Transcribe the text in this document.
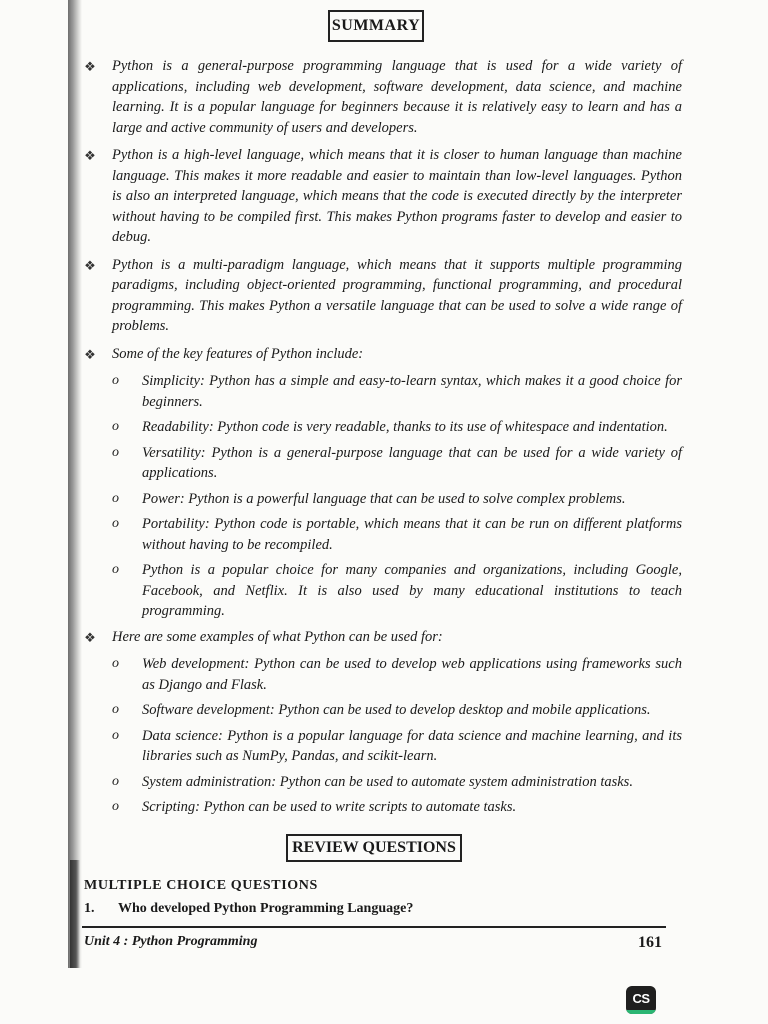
SUMMARY
❖ Python is a general-purpose programming language that is used for a wide variety of applications, including web development, software development, data science, and machine learning. It is a popular language for beginners because it is relatively easy to learn and has a large and active community of users and developers.
❖ Python is a high-level language, which means that it is closer to human language than machine language. This makes it more readable and easier to maintain than low-level languages. Python is also an interpreted language, which means that the code is executed directly by the interpreter without having to be compiled first. This makes Python programs faster to develop and easier to debug.
❖ Python is a multi-paradigm language, which means that it supports multiple programming paradigms, including object-oriented programming, functional programming, and procedural programming. This makes Python a versatile language that can be used to solve a wide range of problems.
❖ Some of the key features of Python include:
o Simplicity: Python has a simple and easy-to-learn syntax, which makes it a good choice for beginners.
o Readability: Python code is very readable, thanks to its use of whitespace and indentation.
o Versatility: Python is a general-purpose language that can be used for a wide variety of applications.
o Power: Python is a powerful language that can be used to solve complex problems.
o Portability: Python code is portable, which means that it can be run on different platforms without having to be recompiled.
o Python is a popular choice for many companies and organizations, including Google, Facebook, and Netflix. It is also used by many educational institutions to teach programming.
❖ Here are some examples of what Python can be used for:
o Web development: Python can be used to develop web applications using frameworks such as Django and Flask.
o Software development: Python can be used to develop desktop and mobile applications.
o Data science: Python is a popular language for data science and machine learning, and its libraries such as NumPy, Pandas, and scikit-learn.
o System administration: Python can be used to automate system administration tasks.
o Scripting: Python can be used to write scripts to automate tasks.
REVIEW QUESTIONS
MULTIPLE CHOICE QUESTIONS
1. Who developed Python Programming Language?
Unit 4 : Python Programming	161
CS
